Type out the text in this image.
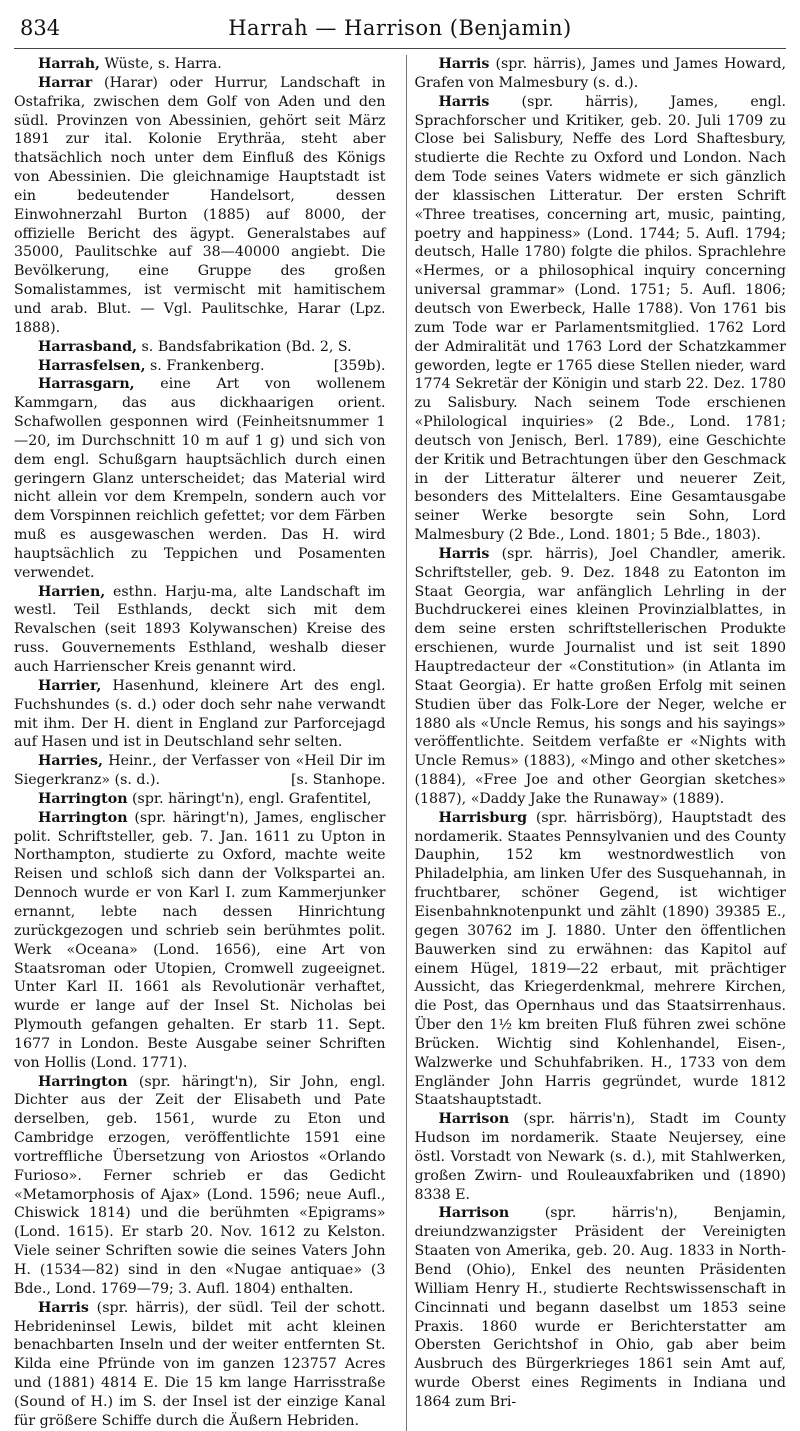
834	Harrah — Harrison (Benjamin)

Harrah, Wüste, s. Harra.

Harrar (Harar) oder Hurrur, Landschaft in Ostafrika, zwischen dem Golf von Aden und den südl. Provinzen von Abessinien, gehört seit März 1891 zur ital. Kolonie Erythräa, steht aber thatsächlich noch unter dem Einfluß des Königs von Abessinien. Die gleichnamige Hauptstadt ist ein bedeutender Handelsort, dessen Einwohnerzahl Burton (1885) auf 8000, der offizielle Bericht des ägypt. Generalstabes auf 35000, Paulitschke auf 38—40000 angiebt. Die Bevölkerung, eine Gruppe des großen Somalistammes, ist vermischt mit hamitischem und arab. Blut. — Vgl. Paulitschke, Harar (Lpz. 1888).

Harrasband, s. Bandsfabrikation (Bd. 2, S.

Harrasfelsen, s. Frankenberg.	[359b).

Harrasgarn, eine Art von wollenem Kammgarn, das aus dickhaarigen orient. Schafwollen gesponnen wird (Feinheitsnummer 1—20, im Durchschnitt 10 m auf 1 g) und sich von dem engl. Schußgarn hauptsächlich durch einen geringern Glanz unterscheidet; das Material wird nicht allein vor dem Krempeln, sondern auch vor dem Vorspinnen reichlich gefettet; vor dem Färben muß es ausgewaschen werden. Das H. wird hauptsächlich zu Teppichen und Posamenten verwendet.

Harrien, esthn. Harju-ma, alte Landschaft im westl. Teil Esthlands, deckt sich mit dem Revalschen (seit 1893 Kolywanschen) Kreise des russ. Gouvernements Esthland, weshalb dieser auch Harrienscher Kreis genannt wird.

Harrier, Hasenhund, kleinere Art des engl. Fuchshundes (s. d.) oder doch sehr nahe verwandt mit ihm. Der H. dient in England zur Parforcejagd auf Hasen und ist in Deutschland sehr selten.

Harries, Heinr., der Verfasser von «Heil Dir im Siegerkranz» (s. d.).	[s. Stanhope.

Harrington (spr. häringt'n), engl. Grafentitel,

Harrington (spr. häringt'n), James, englischer polit. Schriftsteller, geb. 7. Jan. 1611 zu Upton in Northampton, studierte zu Oxford, machte weite Reisen und schloß sich dann der Volkspartei an. Dennoch wurde er von Karl I. zum Kammerjunker ernannt, lebte nach dessen Hinrichtung zurückgezogen und schrieb sein berühmtes polit. Werk «Oceana» (Lond. 1656), eine Art von Staatsroman oder Utopien, Cromwell zugeeignet. Unter Karl II. 1661 als Revolutionär verhaftet, wurde er lange auf der Insel St. Nicholas bei Plymouth gefangen gehalten. Er starb 11. Sept. 1677 in London. Beste Ausgabe seiner Schriften von Hollis (Lond. 1771).

Harrington (spr. häringt'n), Sir John, engl. Dichter aus der Zeit der Elisabeth und Pate derselben, geb. 1561, wurde zu Eton und Cambridge erzogen, veröffentlichte 1591 eine vortreffliche Übersetzung von Ariostos «Orlando Furioso». Ferner schrieb er das Gedicht «Metamorphosis of Ajax» (Lond. 1596; neue Aufl., Chiswick 1814) und die berühmten «Epigrams» (Lond. 1615). Er starb 20. Nov. 1612 zu Kelston. Viele seiner Schriften sowie die seines Vaters John H. (1534—82) sind in den «Nugae antiquae» (3 Bde., Lond. 1769—79; 3. Aufl. 1804) enthalten.

Harris (spr. härris), der südl. Teil der schott. Hebrideninsel Lewis, bildet mit acht kleinen benachbarten Inseln und der weiter entfernten St. Kilda eine Pfründe von im ganzen 123757 Acres und (1881) 4814 E. Die 15 km lange Harrisstraße (Sound of H.) im S. der Insel ist der einzige Kanal für größere Schiffe durch die Äußern Hebriden.

Harris (spr. härris), James und James Howard, Grafen von Malmesbury (s. d.).

Harris (spr. härris), James, engl. Sprachforscher und Kritiker, geb. 20. Juli 1709 zu Close bei Salisbury, Neffe des Lord Shaftesbury, studierte die Rechte zu Oxford und London. Nach dem Tode seines Vaters widmete er sich gänzlich der klassischen Litteratur. Der ersten Schrift «Three treatises, concerning art, music, painting, poetry and happiness» (Lond. 1744; 5. Aufl. 1794; deutsch, Halle 1780) folgte die philos. Sprachlehre «Hermes, or a philosophical inquiry concerning universal grammar» (Lond. 1751; 5. Aufl. 1806; deutsch von Ewerbeck, Halle 1788). Von 1761 bis zum Tode war er Parlamentsmitglied. 1762 Lord der Admiralität und 1763 Lord der Schatzkammer geworden, legte er 1765 diese Stellen nieder, ward 1774 Sekretär der Königin und starb 22. Dez. 1780 zu Salisbury. Nach seinem Tode erschienen «Philological inquiries» (2 Bde., Lond. 1781; deutsch von Jenisch, Berl. 1789), eine Geschichte der Kritik und Betrachtungen über den Geschmack in der Litteratur älterer und neuerer Zeit, besonders des Mittelalters. Eine Gesamtausgabe seiner Werke besorgte sein Sohn, Lord Malmesbury (2 Bde., Lond. 1801; 5 Bde., 1803).

Harris (spr. härris), Joel Chandler, amerik. Schriftsteller, geb. 9. Dez. 1848 zu Eatonton im Staat Georgia, war anfänglich Lehrling in der Buchdruckerei eines kleinen Provinzialblattes, in dem seine ersten schriftstellerischen Produkte erschienen, wurde Journalist und ist seit 1890 Hauptredacteur der «Constitution» (in Atlanta im Staat Georgia). Er hatte großen Erfolg mit seinen Studien über das Folk-Lore der Neger, welche er 1880 als «Uncle Remus, his songs and his sayings» veröffentlichte. Seitdem verfaßte er «Nights with Uncle Remus» (1883), «Mingo and other sketches» (1884), «Free Joe and other Georgian sketches» (1887), «Daddy Jake the Runaway» (1889).

Harrisburg (spr. härrisbörg), Hauptstadt des nordamerik. Staates Pennsylvanien und des County Dauphin, 152 km westnordwestlich von Philadelphia, am linken Ufer des Susquehannah, in fruchtbarer, schöner Gegend, ist wichtiger Eisenbahnknotenpunkt und zählt (1890) 39385 E., gegen 30762 im J. 1880. Unter den öffentlichen Bauwerken sind zu erwähnen: das Kapitol auf einem Hügel, 1819—22 erbaut, mit prächtiger Aussicht, das Kriegerdenkmal, mehrere Kirchen, die Post, das Opernhaus und das Staatsirrenhaus. Über den 1½ km breiten Fluß führen zwei schöne Brücken. Wichtig sind Kohlenhandel, Eisen-, Walzwerke und Schuhfabriken. H., 1733 von dem Engländer John Harris gegründet, wurde 1812 Staatshauptstadt.

Harrison (spr. härris'n), Stadt im County Hudson im nordamerik. Staate Neujersey, eine östl. Vorstadt von Newark (s. d.), mit Stahlwerken, großen Zwirn- und Rouleauxfabriken und (1890) 8338 E.

Harrison (spr. härris'n), Benjamin, dreiundzwanzigster Präsident der Vereinigten Staaten von Amerika, geb. 20. Aug. 1833 in North-Bend (Ohio), Enkel des neunten Präsidenten William Henry H., studierte Rechtswissenschaft in Cincinnati und begann daselbst um 1853 seine Praxis. 1860 wurde er Berichterstatter am Obersten Gerichtshof in Ohio, gab aber beim Ausbruch des Bürgerkrieges 1861 sein Amt auf, wurde Oberst eines Regiments in Indiana und 1864 zum Bri-
